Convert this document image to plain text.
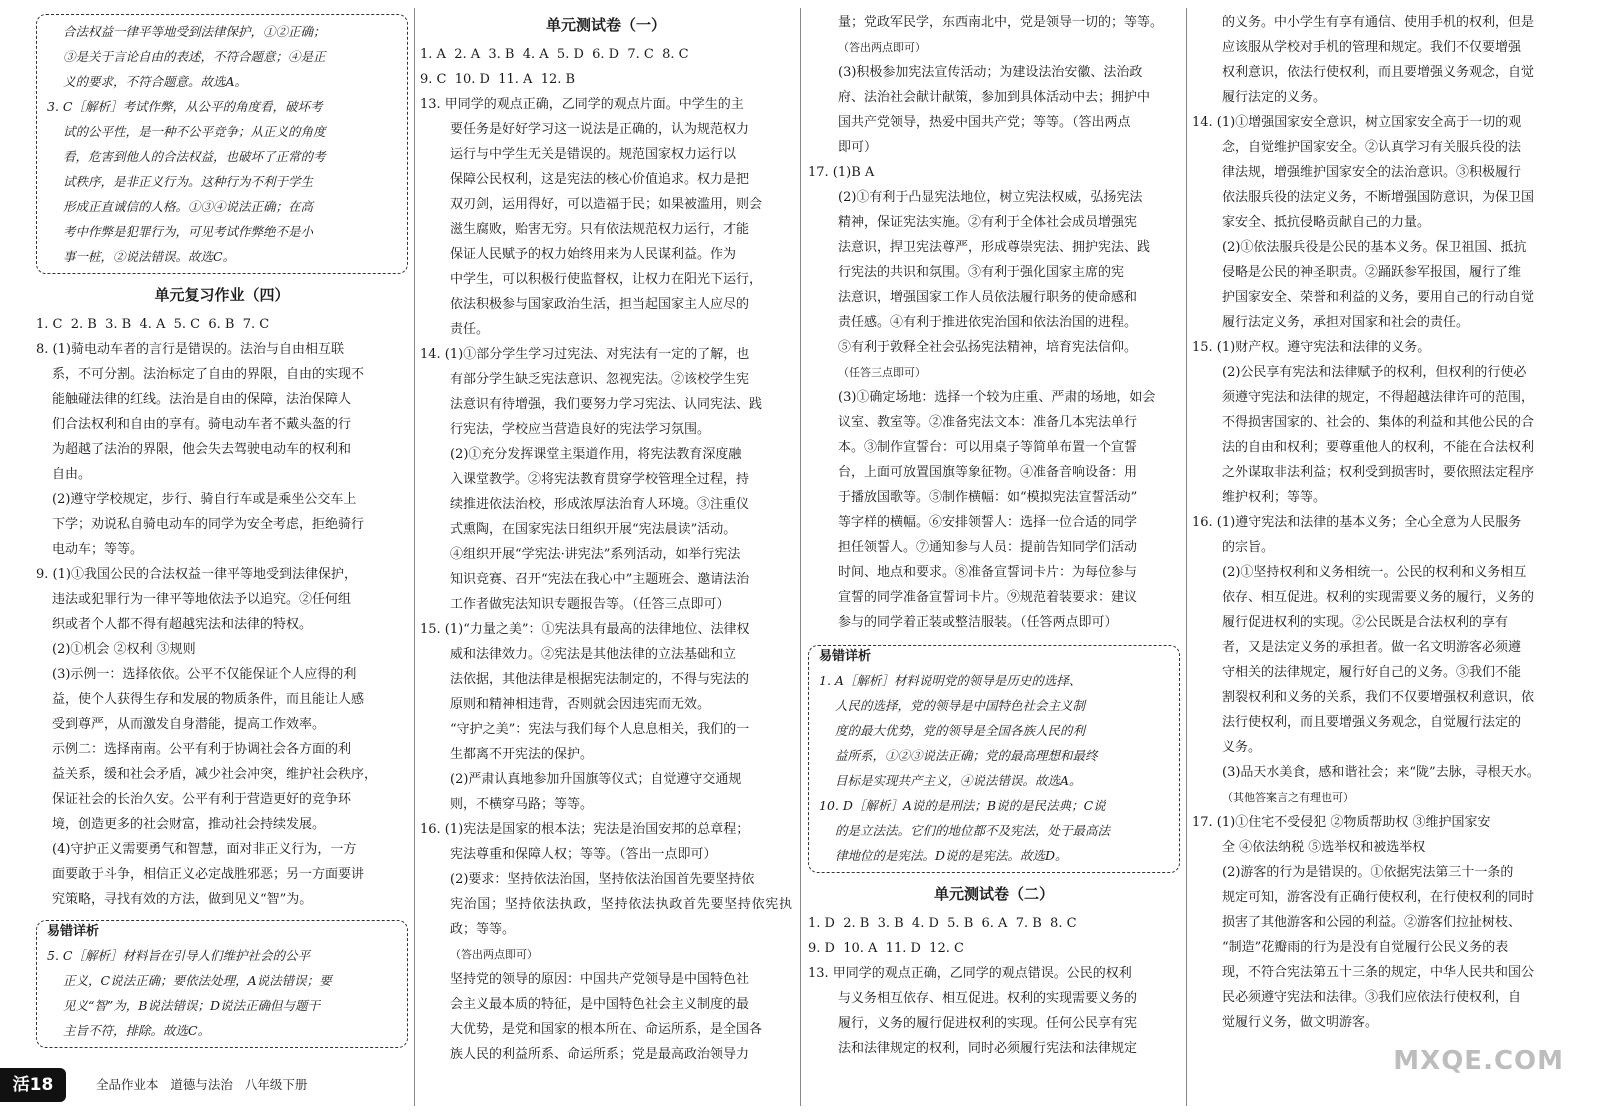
合法权益一律平等地受到法律保护，①②正确；

③是关于言论自由的表述，不符合题意；④是正

义的要求，不符合题意。故选A。

3. C［解析］考试作弊，从公平的角度看，破坏考

试的公平性，是一种不公平竞争；从正义的角度

看，危害到他人的合法权益，也破坏了正常的考

试秩序，是非正义行为。这种行为不利于学生

形成正直诚信的人格。①③④说法正确；在高

考中作弊是犯罪行为，可见考试作弊绝不是小

事一桩，②说法错误。故选C。

单元复习作业（四）
1. C  2. B  3. B  4. A  5. C  6. B  7. C

8. (1)骑电动车者的言行是错误的。法治与自由相互联

系，不可分割。法治标定了自由的界限，自由的实现不

能触碰法律的红线。法治是自由的保障，法治保障人

们合法权利和自由的享有。骑电动车者不戴头盔的行

为超越了法治的界限，他会失去驾驶电动车的权利和

自由。

(2)遵守学校规定，步行、骑自行车或是乘坐公交车上

下学；劝说私自骑电动车的同学为安全考虑，拒绝骑行

电动车；等等。

9. (1)①我国公民的合法权益一律平等地受到法律保护，

违法或犯罪行为一律平等地依法予以追究。②任何组

织或者个人都不得有超越宪法和法律的特权。

(2)①机会 ②权利 ③规则

(3)示例一：选择依依。公平不仅能保证个人应得的利

益，使个人获得生存和发展的物质条件，而且能让人感

受到尊严，从而激发自身潜能，提高工作效率。

示例二：选择南南。公平有利于协调社会各方面的利

益关系，缓和社会矛盾，减少社会冲突，维护社会秩序，

保证社会的长治久安。公平有利于营造更好的竞争环

境，创造更多的社会财富，推动社会持续发展。

(4)守护正义需要勇气和智慧，面对非正义行为，一方

面要敢于斗争，相信正义必定战胜邪恶；另一方面要讲

究策略，寻找有效的方法，做到见义“智”为。

易错详析

5. C［解析］材料旨在引导人们维护社会的公平

正义，C说法正确；要依法处理，A说法错误；要

见义“智”为，B说法错误；D说法正确但与题干

主旨不符，排除。故选C。

单元测试卷（一）
1. A  2. A  3. B  4. A  5. D  6. D  7. C  8. C
9. C  10. D  11. A  12. B

13. 甲同学的观点正确，乙同学的观点片面。中学生的主

要任务是好好学习这一说法是正确的，认为规范权力

运行与中学生无关是错误的。规范国家权力运行以

保障公民权利，这是宪法的核心价值追求。权力是把

双刃剑，运用得好，可以造福于民；如果被滥用，则会

滋生腐败，贻害无穷。只有依法规范权力运行，才能

保证人民赋予的权力始终用来为人民谋利益。作为

中学生，可以积极行使监督权，让权力在阳光下运行，

依法积极参与国家政治生活，担当起国家主人应尽的

责任。

14. (1)①部分学生学习过宪法、对宪法有一定的了解，也

有部分学生缺乏宪法意识、忽视宪法。②该校学生宪

法意识有待增强，我们要努力学习宪法、认同宪法、践

行宪法，学校应当营造良好的宪法学习氛围。

(2)①充分发挥课堂主渠道作用，将宪法教育深度融

入课堂教学。②将宪法教育贯穿学校管理全过程，持

续推进依法治校，形成浓厚法治育人环境。③注重仪

式熏陶，在国家宪法日组织开展“宪法晨读”活动。

④组织开展“学宪法·讲宪法”系列活动，如举行宪法

知识竞赛、召开“宪法在我心中”主题班会、邀请法治

工作者做宪法知识专题报告等。（任答三点即可）

15. (1)“力量之美”：①宪法具有最高的法律地位、法律权

威和法律效力。②宪法是其他法律的立法基础和立

法依据，其他法律是根据宪法制定的，不得与宪法的

原则和精神相违背，否则就会因违宪而无效。

“守护之美”：宪法与我们每个人息息相关，我们的一

生都离不开宪法的保护。

(2)严肃认真地参加升国旗等仪式；自觉遵守交通规

则，不横穿马路；等等。

16. (1)宪法是国家的根本法；宪法是治国安邦的总章程；

宪法尊重和保障人权；等等。（答出一点即可）

(2)要求：坚持依法治国，坚持依法治国首先要坚持依

宪治国；坚持依法执政，坚持依法执政首先要坚持依宪执政；等等。

（答出两点即可）

坚持党的领导的原因：中国共产党领导是中国特色社

会主义最本质的特征，是中国特色社会主义制度的最

大优势，是党和国家的根本所在、命运所系，是全国各

族人民的利益所系、命运所系；党是最高政治领导力

量；党政军民学，东西南北中，党是领导一切的；等等。

（答出两点即可）

(3)积极参加宪法宣传活动；为建设法治安徽、法治政

府、法治社会献计献策，参加到具体活动中去；拥护中

国共产党领导，热爱中国共产党；等等。（答出两点

即可）

17. (1)B A

(2)①有利于凸显宪法地位，树立宪法权威，弘扬宪法

精神，保证宪法实施。②有利于全体社会成员增强宪

法意识，捍卫宪法尊严，形成尊崇宪法、拥护宪法、践

行宪法的共识和氛围。③有利于强化国家主席的宪

法意识，增强国家工作人员依法履行职务的使命感和

责任感。④有利于推进依宪治国和依法治国的进程。

⑤有利于敦释全社会弘扬宪法精神，培育宪法信仰。

（任答三点即可）

(3)①确定场地：选择一个较为庄重、严肃的场地，如会

议室、教室等。②准备宪法文本：准备几本宪法单行

本。③制作宣誓台：可以用桌子等简单布置一个宣誓

台，上面可放置国旗等象征物。④准备音响设备：用

于播放国歌等。⑤制作横幅：如“模拟宪法宣誓活动”

等字样的横幅。⑥安排领誓人：选择一位合适的同学

担任领誓人。⑦通知参与人员：提前告知同学们活动

时间、地点和要求。⑧准备宣誓词卡片：为每位参与

宣誓的同学准备宣誓词卡片。⑨规范着装要求：建议

参与的同学着正装或整洁服装。（任答两点即可）

易错详析

1. A［解析］材料说明党的领导是历史的选择、

人民的选择，党的领导是中国特色社会主义制

度的最大优势，党的领导是全国各族人民的利

益所系，①②③说法正确；党的最高理想和最终

目标是实现共产主义，④说法错误。故选A。

10. D［解析］A说的是刑法；B说的是民法典；C说

的是立法法。它们的地位都不及宪法，处于最高法

律地位的是宪法。D说的是宪法。故选D。

单元测试卷（二）
1. D  2. B  3. B  4. D  5. B  6. A  7. B  8. C
9. D  10. A  11. D  12. C

13. 甲同学的观点正确，乙同学的观点错误。公民的权利

与义务相互依存、相互促进。权利的实现需要义务的

履行，义务的履行促进权利的实现。任何公民享有宪

法和法律规定的权利，同时必须履行宪法和法律规定

的义务。中小学生有享有通信、使用手机的权利，但是

应该服从学校对手机的管理和规定。我们不仅要增强

权利意识，依法行使权利，而且要增强义务观念，自觉

履行法定的义务。

14. (1)①增强国家安全意识，树立国家安全高于一切的观

念，自觉维护国家安全。②认真学习有关服兵役的法

律法规，增强维护国家安全的法治意识。③积极履行

依法服兵役的法定义务，不断增强国防意识，为保卫国

家安全、抵抗侵略贡献自己的力量。

(2)①依法服兵役是公民的基本义务。保卫祖国、抵抗

侵略是公民的神圣职责。②踊跃参军报国，履行了维

护国家安全、荣誉和利益的义务，要用自己的行动自觉

履行法定义务，承担对国家和社会的责任。

15. (1)财产权。遵守宪法和法律的义务。

(2)公民享有宪法和法律赋予的权利，但权利的行使必

须遵守宪法和法律的规定，不得超越法律许可的范围，

不得损害国家的、社会的、集体的利益和其他公民的合

法的自由和权利；要尊重他人的权利，不能在合法权利

之外谋取非法利益；权利受到损害时，要依照法定程序

维护权利；等等。

16. (1)遵守宪法和法律的基本义务；全心全意为人民服务

的宗旨。

(2)①坚持权利和义务相统一。公民的权利和义务相互

依存、相互促进。权利的实现需要义务的履行，义务的

履行促进权利的实现。②公民既是合法权利的享有

者，又是法定义务的承担者。做一名文明游客必须遵

守相关的法律规定，履行好自己的义务。③我们不能

割裂权利和义务的关系，我们不仅要增强权利意识，依

法行使权利，而且要增强义务观念，自觉履行法定的

义务。

(3)品天水美食，感和谐社会；来“陇”去脉，寻根天水。

（其他答案言之有理也可）

17. (1)①住宅不受侵犯 ②物质帮助权 ③维护国家安

全 ④依法纳税 ⑤选举权和被选举权

(2)游客的行为是错误的。①依据宪法第三十一条的

规定可知，游客没有正确行使权利，在行使权利的同时

损害了其他游客和公园的利益。②游客们拉扯树枝、

“制造”花瓣雨的行为是没有自觉履行公民义务的表

现，不符合宪法第五十三条的规定，中华人民共和国公

民必须遵守宪法和法律。③我们应依法行使权利，自

觉履行义务，做文明游客。

活18	全品作业本   道德与法治   八年级下册
MXQE.COM
